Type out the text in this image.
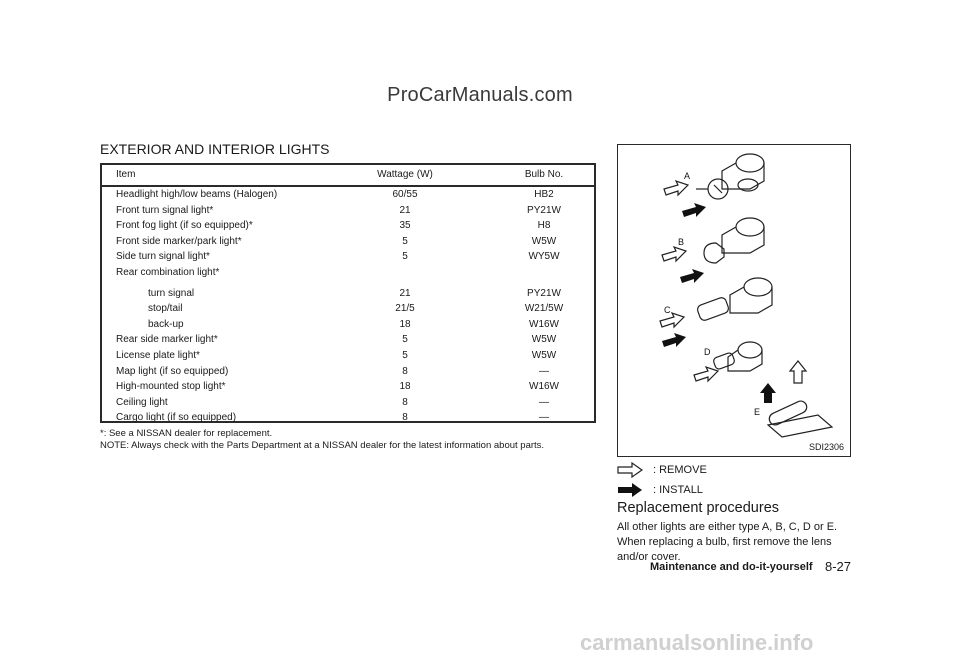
ProCarManuals.com
EXTERIOR AND INTERIOR LIGHTS
Item	Wattage (W)	Bulb No.
Headlight high/low beams (Halogen)	60/55	HB2
Front turn signal light*	21	PY21W
Front fog light (if so equipped)*	35	H8
Front side marker/park light*	5	W5W
Side turn signal light*	5	WY5W
Rear combination light*
turn signal	21	PY21W
stop/tail	21/5	W21/5W
back-up	18	W16W
Rear side marker light*	5	W5W
License plate light*	5	W5W
Map light (if so equipped)	8	—
High-mounted stop light*	18	W16W
Ceiling light	8	—
Cargo light (if so equipped)	8	—
*: See a NISSAN dealer for replacement.
NOTE: Always check with the Parts Department at a NISSAN dealer for the latest information about parts.
A
B
C
D
E
SDI2306
: REMOVE
: INSTALL
Replacement procedures
All other lights are either type A, B, C, D or E. When replacing a bulb, first remove the lens and/or cover.
Maintenance and do-it-yourself 8-27
carmanualsonline.info
